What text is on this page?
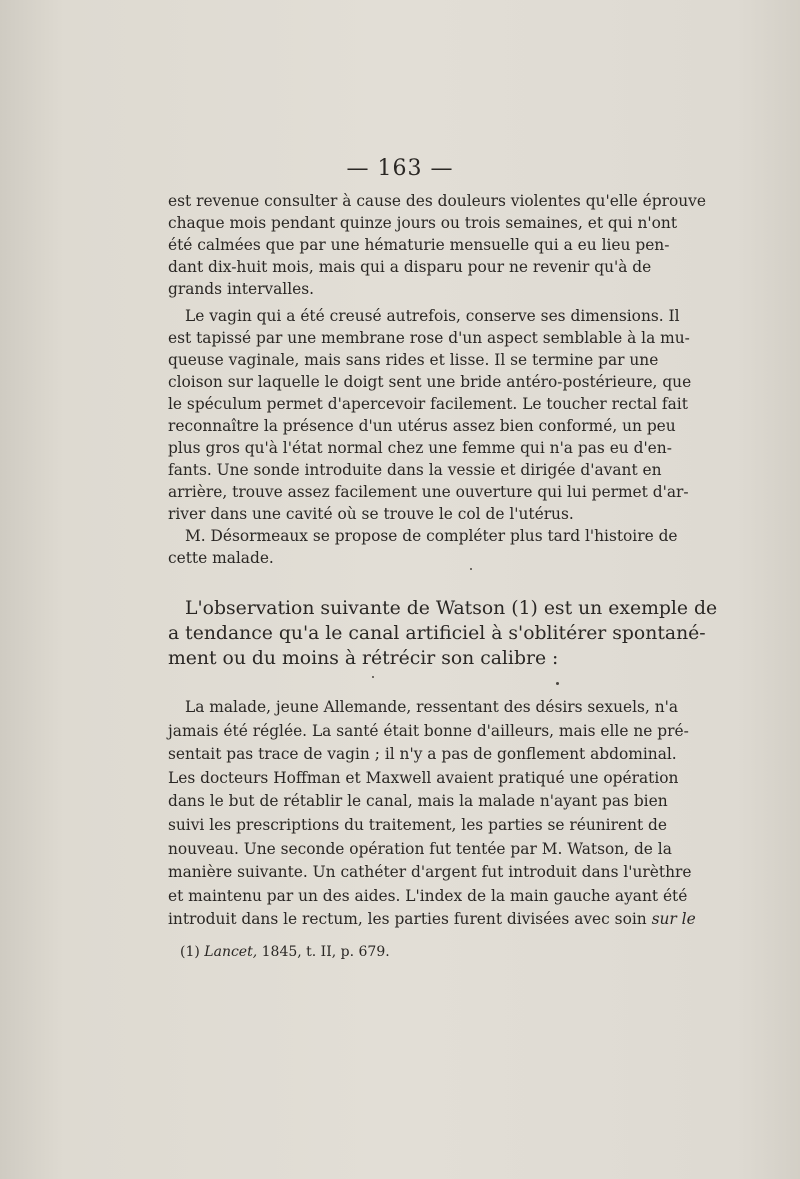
— 163 —
est revenue consulter à cause des douleurs violentes qu'elle éprouve
chaque mois pendant quinze jours ou trois semaines, et qui n'ont
été calmées que par une hématurie mensuelle qui a eu lieu pen-
dant dix-huit mois, mais qui a disparu pour ne revenir qu'à de
grands intervalles.
Le vagin qui a été creusé autrefois, conserve ses dimensions. Il
est tapissé par une membrane rose d'un aspect semblable à la mu-
queuse vaginale, mais sans rides et lisse. Il se termine par une
cloison sur laquelle le doigt sent une bride antéro-postérieure, que
le spéculum permet d'apercevoir facilement. Le toucher rectal fait
reconnaître la présence d'un utérus assez bien conformé, un peu
plus gros qu'à l'état normal chez une femme qui n'a pas eu d'en-
fants. Une sonde introduite dans la vessie et dirigée d'avant en
arrière, trouve assez facilement une ouverture qui lui permet d'ar-
river dans une cavité où se trouve le col de l'utérus.
M. Désormeaux se propose de compléter plus tard l'histoire de
cette malade.
L'observation suivante de Watson (1) est un exemple de
a tendance qu'a le canal artificiel à s'oblitérer spontané-
ment ou du moins à rétrécir son calibre :
La malade, jeune Allemande, ressentant des désirs sexuels, n'a
jamais été réglée. La santé était bonne d'ailleurs, mais elle ne pré-
sentait pas trace de vagin ; il n'y a pas de gonflement abdominal.
Les docteurs Hoffman et Maxwell avaient pratiqué une opération
dans le but de rétablir le canal, mais la malade n'ayant pas bien
suivi les prescriptions du traitement, les parties se réunirent de
nouveau. Une seconde opération fut tentée par M. Watson, de la
manière suivante. Un cathéter d'argent fut introduit dans l'urèthre
et maintenu par un des aides. L'index de la main gauche ayant été
introduit dans le rectum, les parties furent divisées avec soin sur le
(1) Lancet, 1845, t. II, p. 679.
